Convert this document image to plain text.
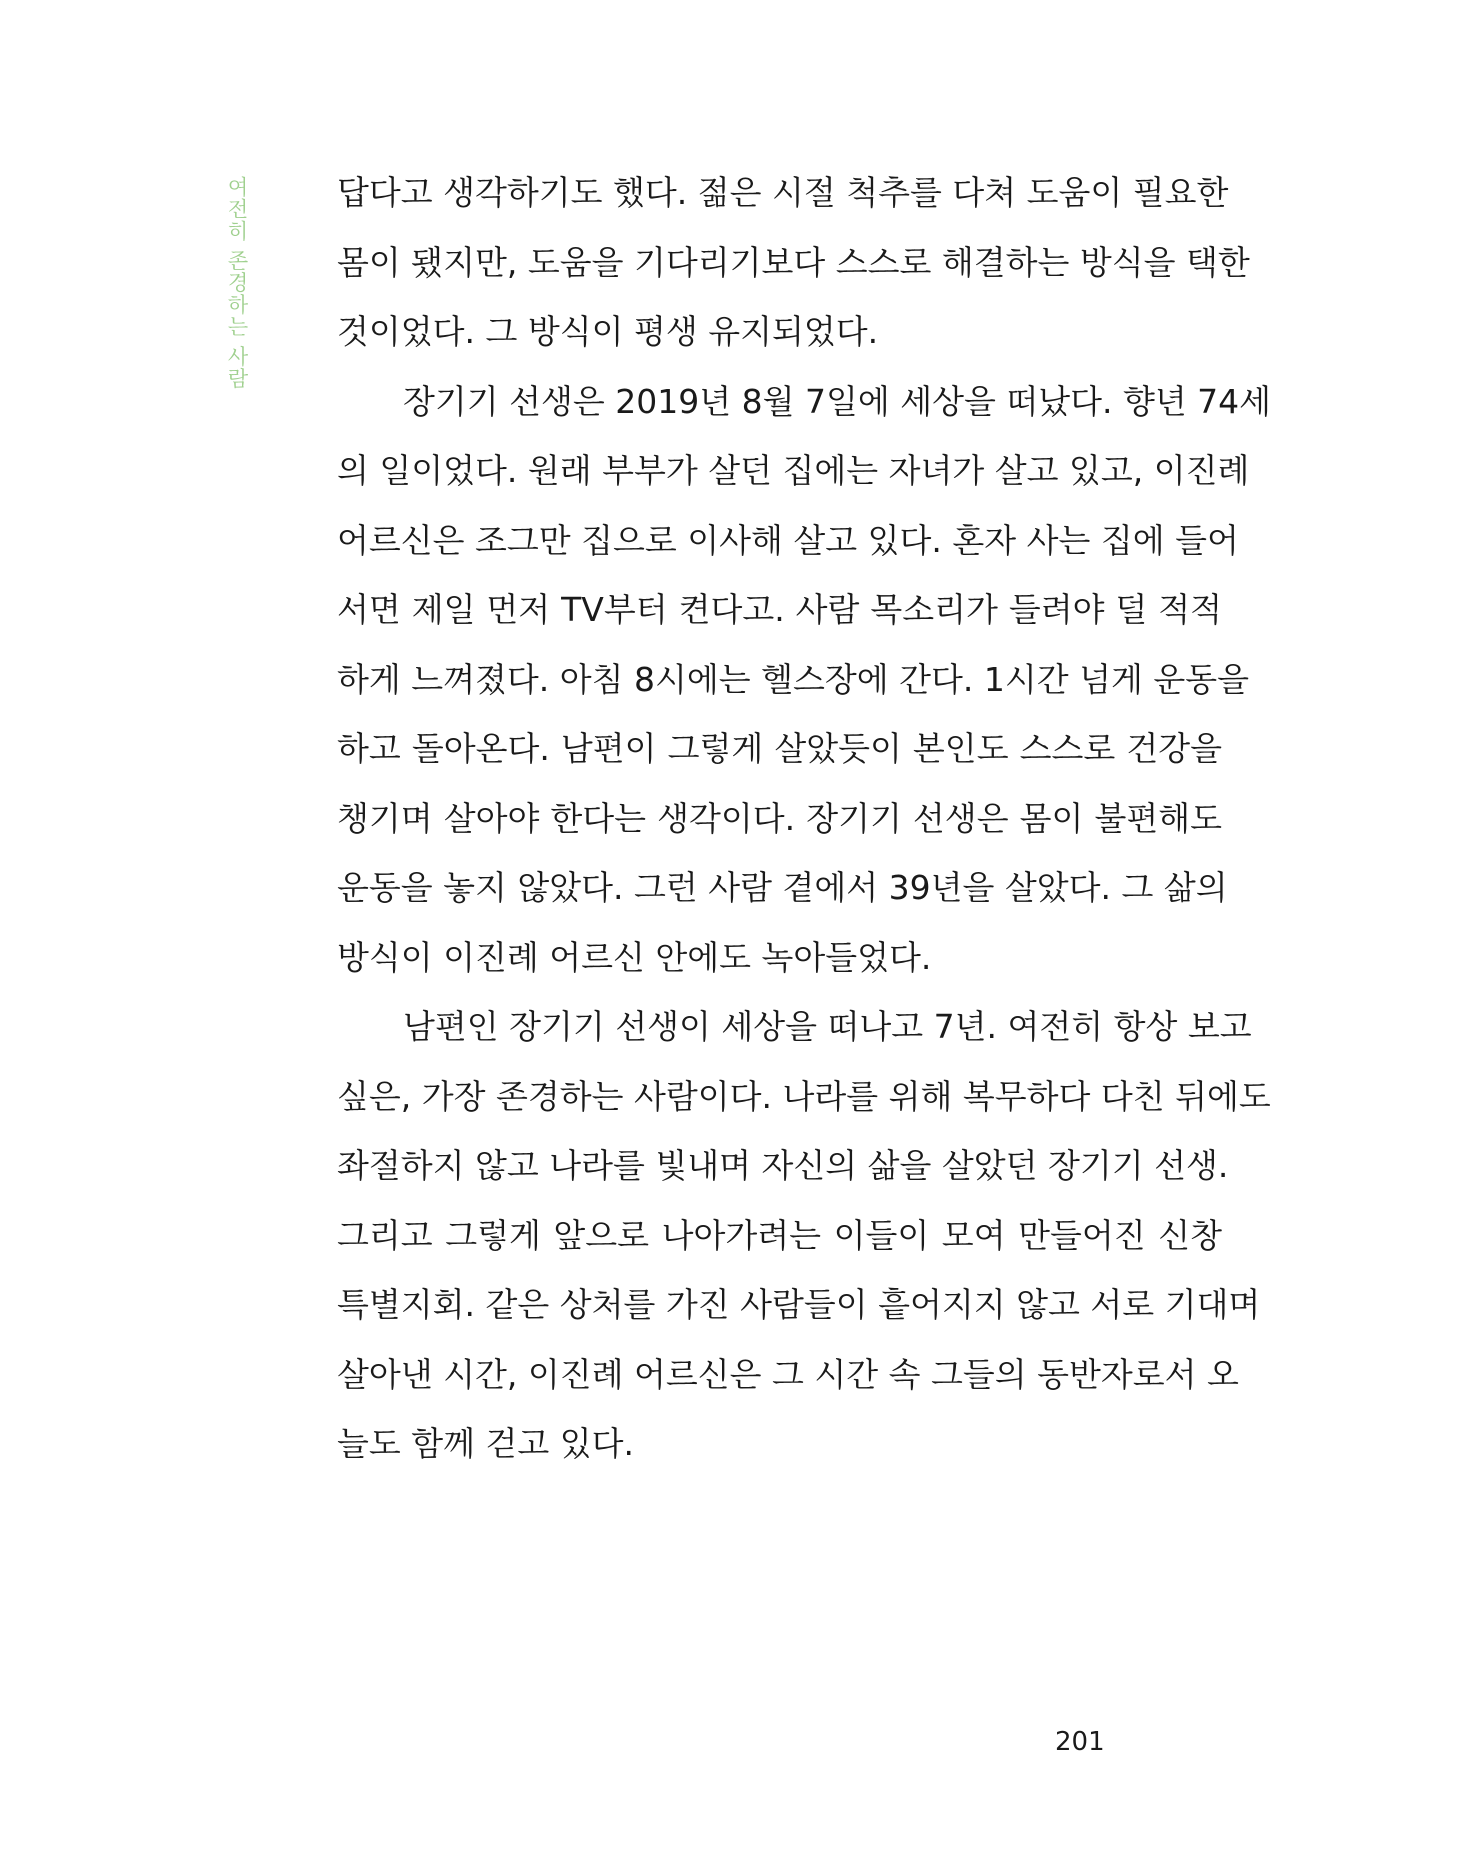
여전히 존경하는 사람	답다고 생각하기도 했다. 젊은 시절 척추를 다쳐 도움이 필요한
몸이 됐지만, 도움을 기다리기보다 스스로 해결하는 방식을 택한
것이었다. 그 방식이 평생 유지되었다.
장기기 선생은 2019년 8월 7일에 세상을 떠났다. 향년 74세
의 일이었다. 원래 부부가 살던 집에는 자녀가 살고 있고, 이진례
어르신은 조그만 집으로 이사해 살고 있다. 혼자 사는 집에 들어
서면 제일 먼저 TV부터 켠다고. 사람 목소리가 들려야 덜 적적
하게 느껴졌다. 아침 8시에는 헬스장에 간다. 1시간 넘게 운동을
하고 돌아온다. 남편이 그렇게 살았듯이 본인도 스스로 건강을
챙기며 살아야 한다는 생각이다. 장기기 선생은 몸이 불편해도
운동을 놓지 않았다. 그런 사람 곁에서 39년을 살았다. 그 삶의
방식이 이진례 어르신 안에도 녹아들었다.
남편인 장기기 선생이 세상을 떠나고 7년. 여전히 항상 보고
싶은, 가장 존경하는 사람이다. 나라를 위해 복무하다 다친 뒤에도
좌절하지 않고 나라를 빛내며 자신의 삶을 살았던 장기기 선생.
그리고 그렇게 앞으로 나아가려는 이들이 모여 만들어진 신창
특별지회. 같은 상처를 가진 사람들이 흩어지지 않고 서로 기대며
살아낸 시간, 이진례 어르신은 그 시간 속 그들의 동반자로서 오
늘도 함께 걷고 있다.
201
